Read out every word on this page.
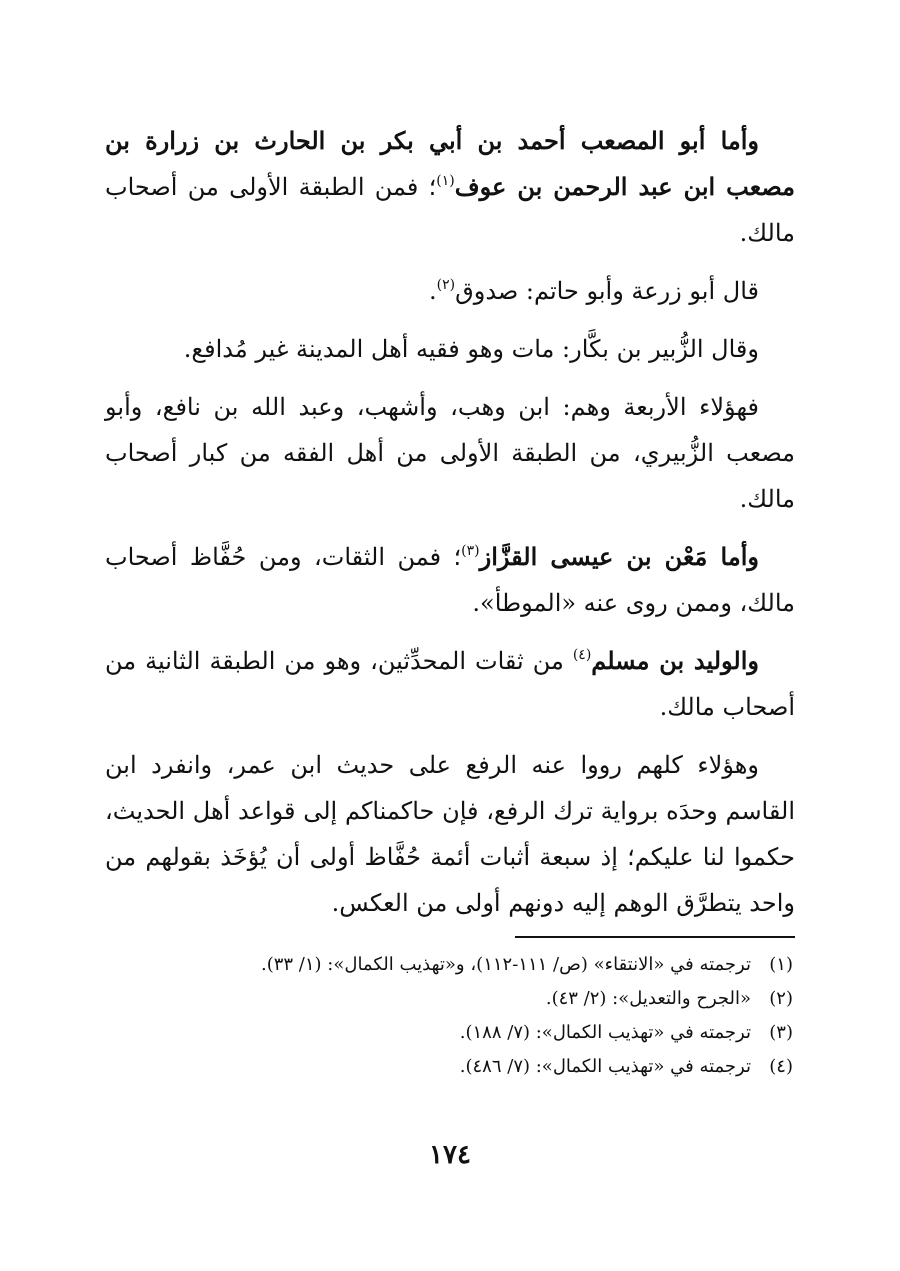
وأما أبو المصعب أحمد بن أبي بكر بن الحارث بن زرارة بن مصعب ابن عبد الرحمن بن عوف$^{(١)}$؛ فمن الطبقة الأولى من أصحاب مالك.

قال أبو زرعة وأبو حاتم: صدوق$^{(٢)}$.

وقال الزُّبير بن بكَّار: مات وهو فقيه أهل المدينة غير مُدافع.

فهؤلاء الأربعة وهم: ابن وهب، وأشهب، وعبد الله بن نافع، وأبو مصعب الزُّبيري، من الطبقة الأولى من أهل الفقه من كبار أصحاب مالك.

وأما مَعْن بن عيسى القزَّاز$^{(٣)}$؛ فمن الثقات، ومن حُفَّاظ أصحاب مالك، وممن روى عنه «الموطأ».

والوليد بن مسلم$^{(٤)}$ من ثقات المحدِّثين، وهو من الطبقة الثانية من أصحاب مالك.

وهؤلاء كلهم رووا عنه الرفع على حديث ابن عمر، وانفرد ابن القاسم وحدَه برواية ترك الرفع، فإن حاكمناكم إلى قواعد أهل الحديث، حكموا لنا عليكم؛ إذ سبعة أثبات أئمة حُفَّاظ أولى أن يُؤخَذ بقولهم من واحد يتطرَّق الوهم إليه دونهم أولى من العكس.

(١)ترجمته في «الانتقاء» (ص/ ١١١-١١٢)، و«تهذيب الكمال»: (١/ ٣٣).
(٢)«الجرح والتعديل»: (٢/ ٤٣).
(٣)ترجمته في «تهذيب الكمال»: (٧/ ١٨٨).
(٤)ترجمته في «تهذيب الكمال»: (٧/ ٤٨٦).
١٧٤
